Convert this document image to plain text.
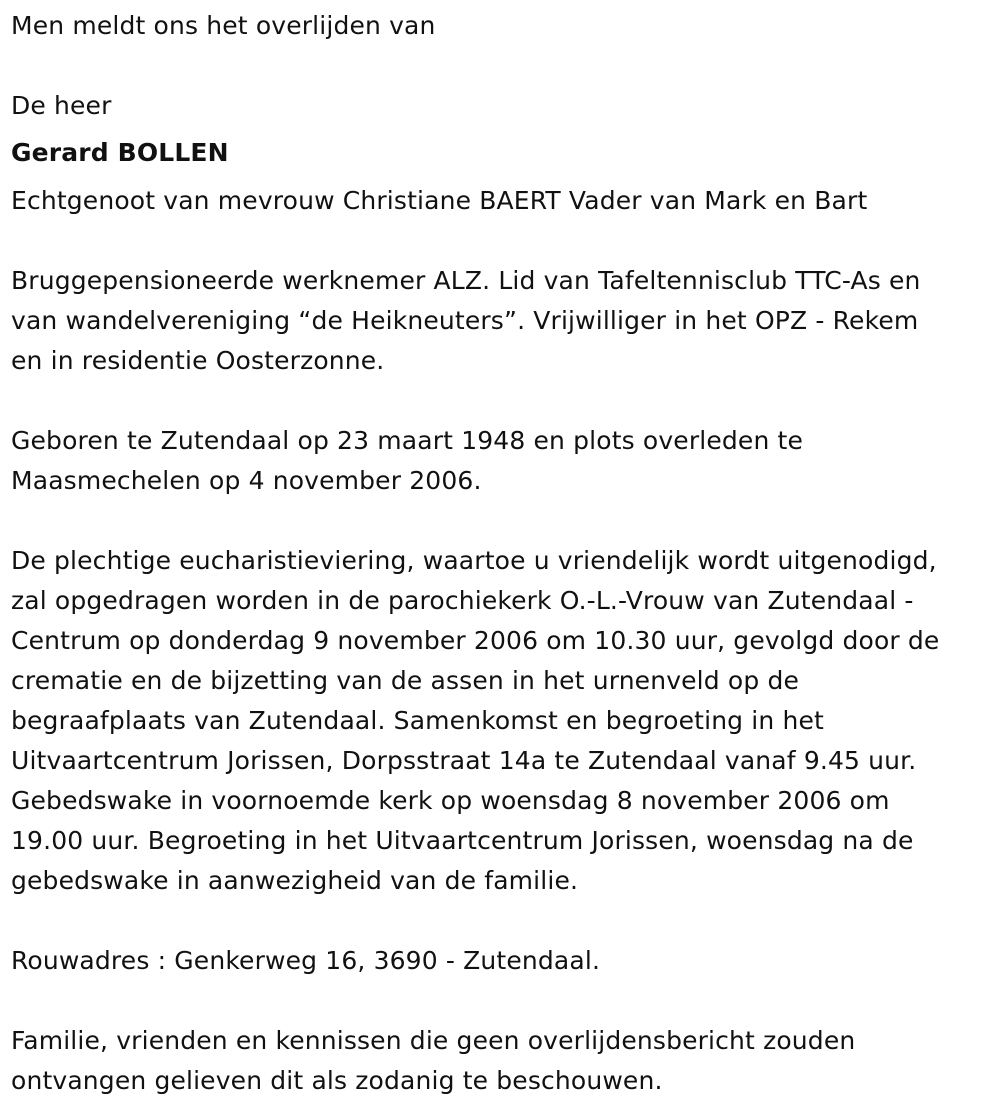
Men meldt ons het overlijden van
De heer
Gerard BOLLEN
Echtgenoot van mevrouw Christiane BAERT Vader van Mark en Bart
Bruggepensioneerde werknemer ALZ. Lid van Tafeltennisclub TTC-As en
van wandelvereniging “de Heikneuters”. Vrijwilliger in het OPZ - Rekem
en in residentie Oosterzonne.
Geboren te Zutendaal op 23 maart 1948 en plots overleden te
Maasmechelen op 4 november 2006.
De plechtige eucharistieviering, waartoe u vriendelijk wordt uitgenodigd,
zal opgedragen worden in de parochiekerk O.-L.-Vrouw van Zutendaal -
Centrum op donderdag 9 november 2006 om 10.30 uur, gevolgd door de
crematie en de bijzetting van de assen in het urnenveld op de
begraafplaats van Zutendaal. Samenkomst en begroeting in het
Uitvaartcentrum Jorissen, Dorpsstraat 14a te Zutendaal vanaf 9.45 uur.
Gebedswake in voornoemde kerk op woensdag 8 november 2006 om
19.00 uur. Begroeting in het Uitvaartcentrum Jorissen, woensdag na de
gebedswake in aanwezigheid van de familie.
Rouwadres : Genkerweg 16, 3690 - Zutendaal.
Familie, vrienden en kennissen die geen overlijdensbericht zouden
ontvangen gelieven dit als zodanig te beschouwen.
